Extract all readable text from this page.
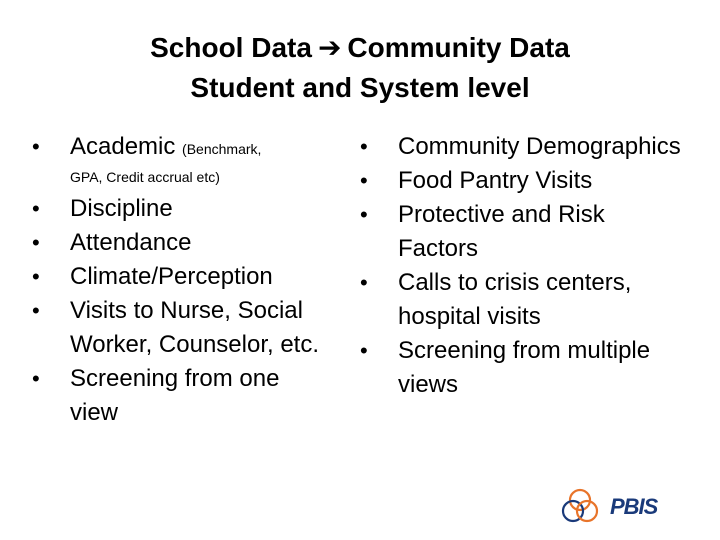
School Data ➔ Community Data
Student and System level
• Academic (Benchmark,
GPA, Credit accrual etc)
• Discipline
• Attendance
• Climate/Perception
• Visits to Nurse, Social Worker, Counselor, etc.
• Screening from one view
• Community Demographics
• Food Pantry Visits
• Protective and Risk Factors
• Calls to crisis centers, hospital visits
• Screening from multiple views
PBIS
